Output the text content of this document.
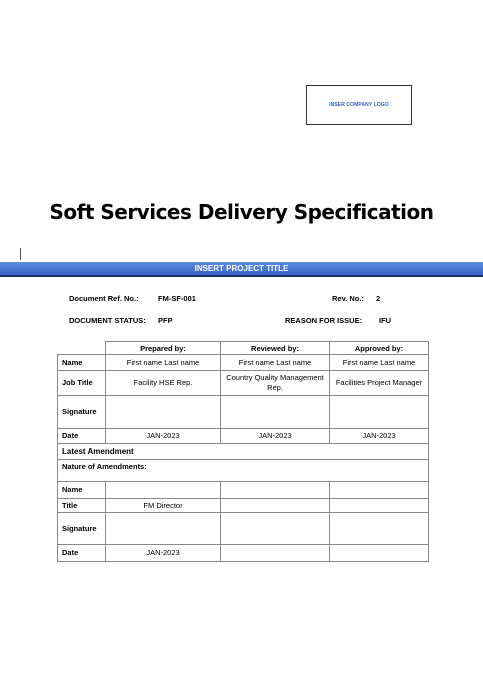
INSER COMPANY LOGO
Soft Services Delivery Specification
INSERT PROJECT TITLE
Document Ref. No.:	FM-SF-001	Rev. No.: 2
DOCUMENT STATUS: PFP	REASON FOR ISSUE: IFU
	Prepared by:	Reviewed by:	Approved by:
Name	First name Last name	First name Last name	First name Last name
Job Title	Facility HSE Rep.	Country Quality Management Rep.	Facilities Project Manager
Signature			
Date	JAN-2023	JAN-2023	JAN-2023
Latest Amendment			
Nature of Amendments:			
Name			
Title	FM Director		
Signature			
Date	JAN-2023		
